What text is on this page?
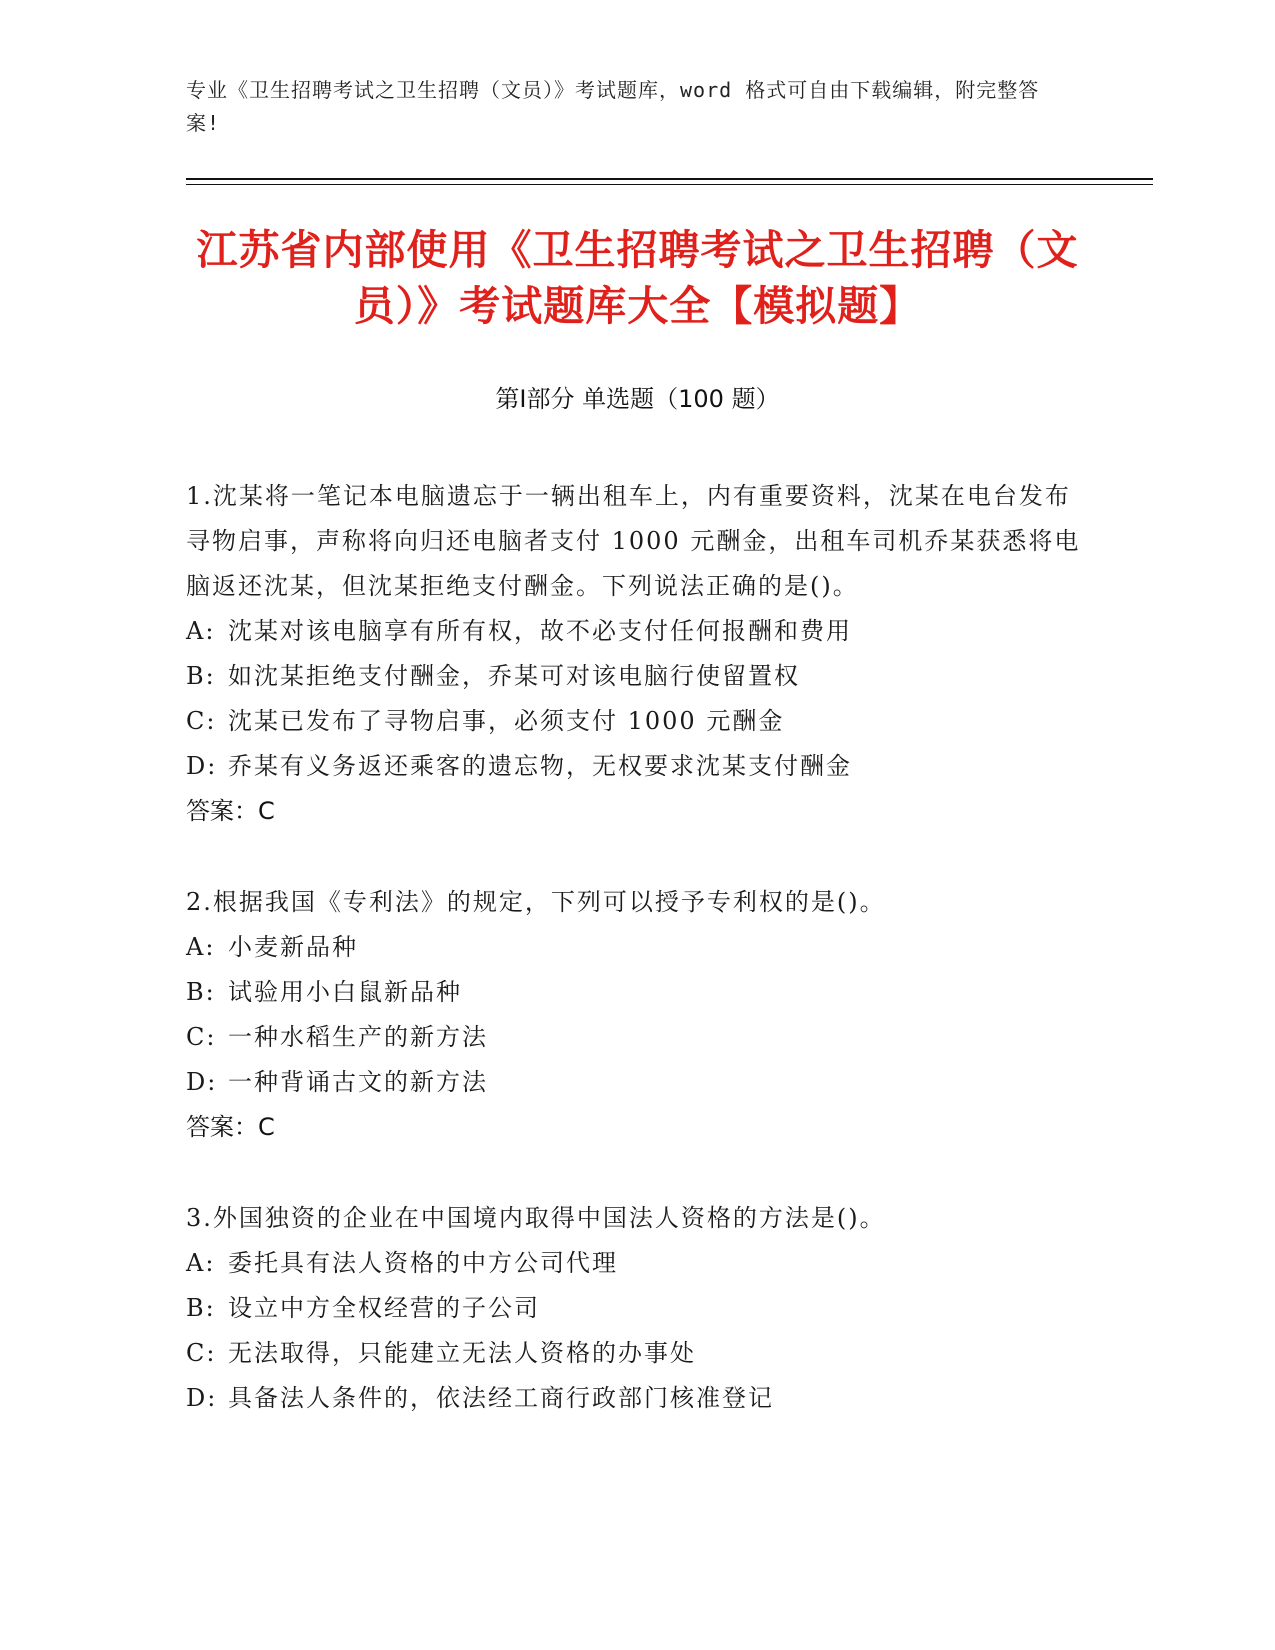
专业《卫生招聘考试之卫生招聘（文员）》考试题库，word 格式可自由下载编辑，附完整答案!
江苏省内部使用《卫生招聘考试之卫生招聘（文员）》考试题库大全【模拟题】
第Ⅰ部分 单选题（100 题）

1.沈某将一笔记本电脑遗忘于一辆出租车上，内有重要资料，沈某在电台发布寻物启事，声称将向归还电脑者支付 1000 元酬金，出租车司机乔某获悉将电脑返还沈某，但沈某拒绝支付酬金。下列说法正确的是()。

A: 沈某对该电脑享有所有权，故不必支付任何报酬和费用

B: 如沈某拒绝支付酬金，乔某可对该电脑行使留置权

C: 沈某已发布了寻物启事，必须支付 1000 元酬金

D: 乔某有义务返还乘客的遗忘物，无权要求沈某支付酬金

答案：C

2.根据我国《专利法》的规定，下列可以授予专利权的是()。

A: 小麦新品种

B: 试验用小白鼠新品种

C: 一种水稻生产的新方法

D: 一种背诵古文的新方法

答案：C

3.外国独资的企业在中国境内取得中国法人资格的方法是()。

A: 委托具有法人资格的中方公司代理

B: 设立中方全权经营的子公司

C: 无法取得，只能建立无法人资格的办事处

D: 具备法人条件的，依法经工商行政部门核准登记
